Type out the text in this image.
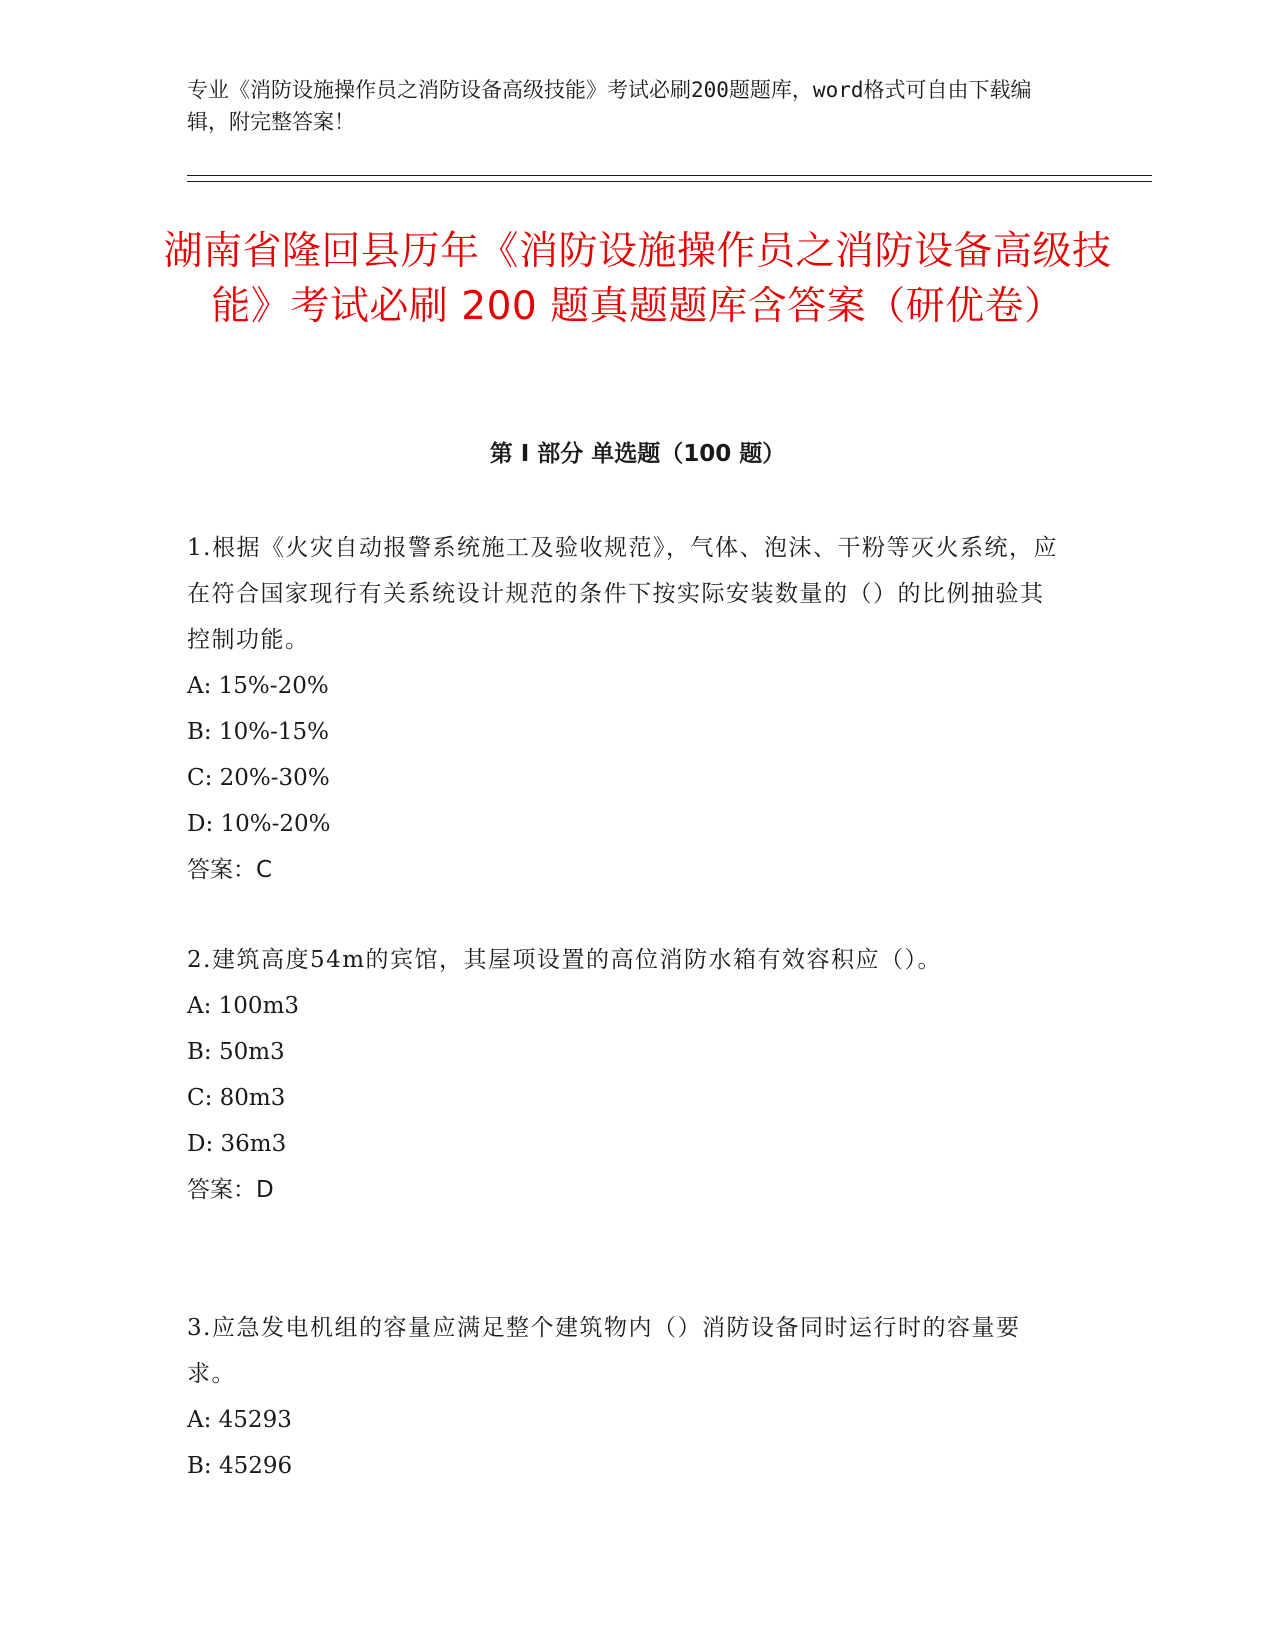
专业《消防设施操作员之消防设备高级技能》考试必刷200题题库，word格式可自由下载编辑，附完整答案！
湖南省隆回县历年《消防设施操作员之消防设备高级技能》考试必刷 200 题真题题库含答案（研优卷）
第 I 部分 单选题（100 题）

1.根据《火灾自动报警系统施工及验收规范》，气体、泡沫、干粉等灭火系统，应在符合国家现行有关系统设计规范的条件下按实际安装数量的（）的比例抽验其控制功能。

A: 15%-20%

B: 10%-15%

C: 20%-30%

D: 10%-20%

答案：C

2.建筑高度54m的宾馆，其屋项设置的高位消防水箱有效容积应（）。

A: 100m3

B: 50m3

C: 80m3

D: 36m3

答案：D

3.应急发电机组的容量应满足整个建筑物内（）消防设备同时运行时的容量要求。

A: 45293

B: 45296
